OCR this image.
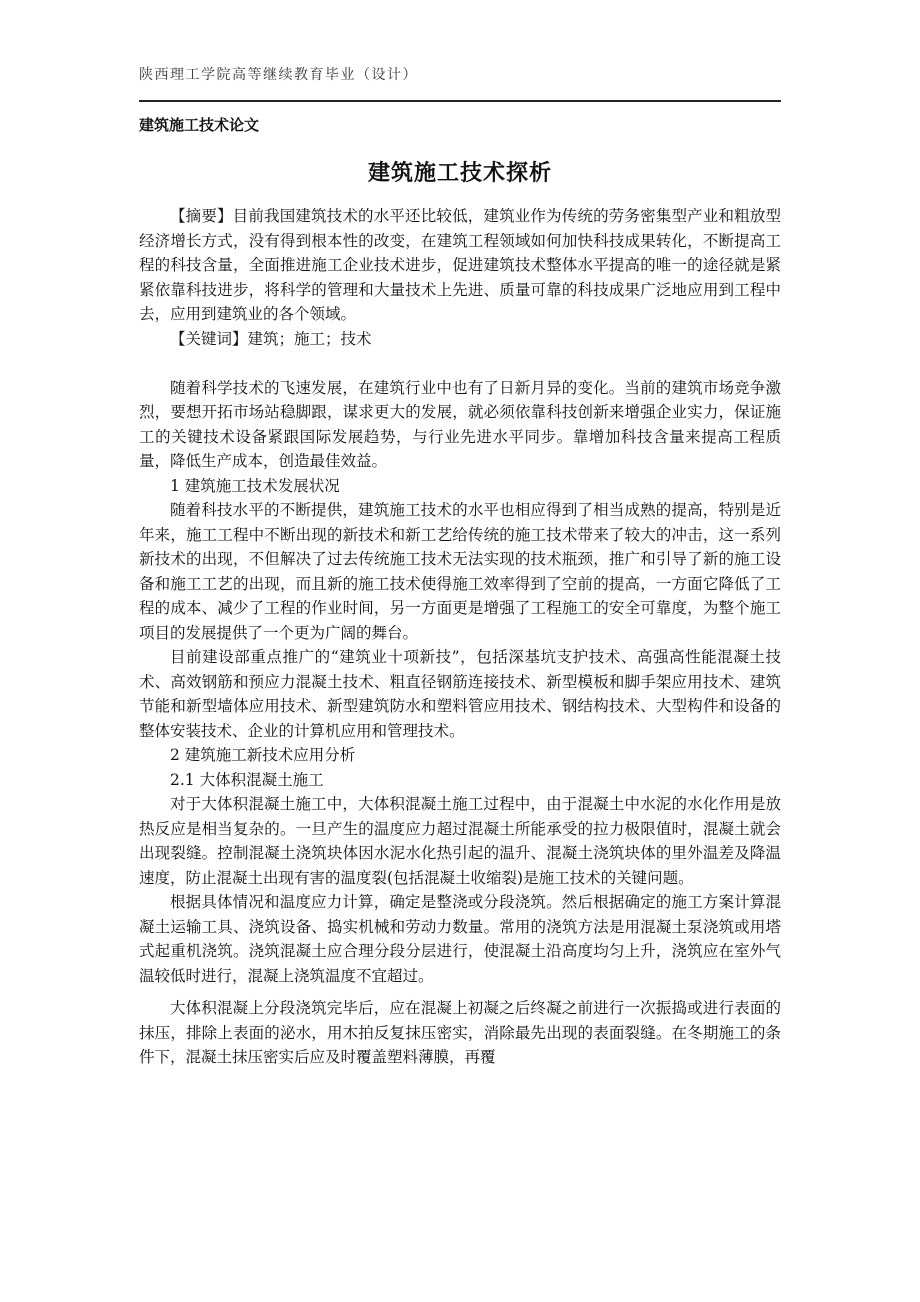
陕西理工学院高等继续教育毕业（设计）
建筑施工技术论文
建筑施工技术探析

【摘要】目前我国建筑技术的水平还比较低，建筑业作为传统的劳务密集型产业和粗放型经济增长方式，没有得到根本性的改变，在建筑工程领域如何加快科技成果转化，不断提高工程的科技含量，全面推进施工企业技术进步，促进建筑技术整体水平提高的唯一的途径就是紧紧依靠科技进步，将科学的管理和大量技术上先进、质量可靠的科技成果广泛地应用到工程中去，应用到建筑业的各个领域。

【关键词】建筑；施工；技术

随着科学技术的飞速发展，在建筑行业中也有了日新月异的变化。当前的建筑市场竞争激烈，要想开拓市场站稳脚跟，谋求更大的发展，就必须依靠科技创新来增强企业实力，保证施工的关键技术设备紧跟国际发展趋势，与行业先进水平同步。靠增加科技含量来提高工程质量，降低生产成本，创造最佳效益。

1 建筑施工技术发展状况

随着科技水平的不断提供，建筑施工技术的水平也相应得到了相当成熟的提高，特别是近年来，施工工程中不断出现的新技术和新工艺给传统的施工技术带来了较大的冲击，这一系列新技术的出现，不但解决了过去传统施工技术无法实现的技术瓶颈，推广和引导了新的施工设备和施工工艺的出现，而且新的施工技术使得施工效率得到了空前的提高，一方面它降低了工程的成本、减少了工程的作业时间，另一方面更是增强了工程施工的安全可靠度，为整个施工项目的发展提供了一个更为广阔的舞台。

目前建设部重点推广的“建筑业十项新技”，包括深基坑支护技术、高强高性能混凝土技术、高效钢筋和预应力混凝土技术、粗直径钢筋连接技术、新型模板和脚手架应用技术、建筑节能和新型墙体应用技术、新型建筑防水和塑料管应用技术、钢结构技术、大型构件和设备的整体安装技术、企业的计算机应用和管理技术。

2 建筑施工新技术应用分析

2.1 大体积混凝土施工

对于大体积混凝土施工中，大体积混凝土施工过程中，由于混凝土中水泥的水化作用是放热反应是相当复杂的。一旦产生的温度应力超过混凝土所能承受的拉力极限值时，混凝土就会出现裂缝。控制混凝土浇筑块体因水泥水化热引起的温升、混凝土浇筑块体的里外温差及降温速度，防止混凝土出现有害的温度裂(包括混凝土收缩裂)是施工技术的关键问题。

根据具体情况和温度应力计算，确定是整浇或分段浇筑。然后根据确定的施工方案计算混凝土运输工具、浇筑设备、捣实机械和劳动力数量。常用的浇筑方法是用混凝土泵浇筑或用塔式起重机浇筑。浇筑混凝土应合理分段分层进行，使混凝土沿高度均匀上升，浇筑应在室外气温较低时进行，混凝上浇筑温度不宜超过。

大体积混凝上分段浇筑完毕后，应在混凝上初凝之后终凝之前进行一次振捣或进行表面的抹压，排除上表面的泌水，用木拍反复抹压密实，消除最先出现的表面裂缝。在冬期施工的条件下，混凝土抹压密实后应及时覆盖塑料薄膜，再覆
